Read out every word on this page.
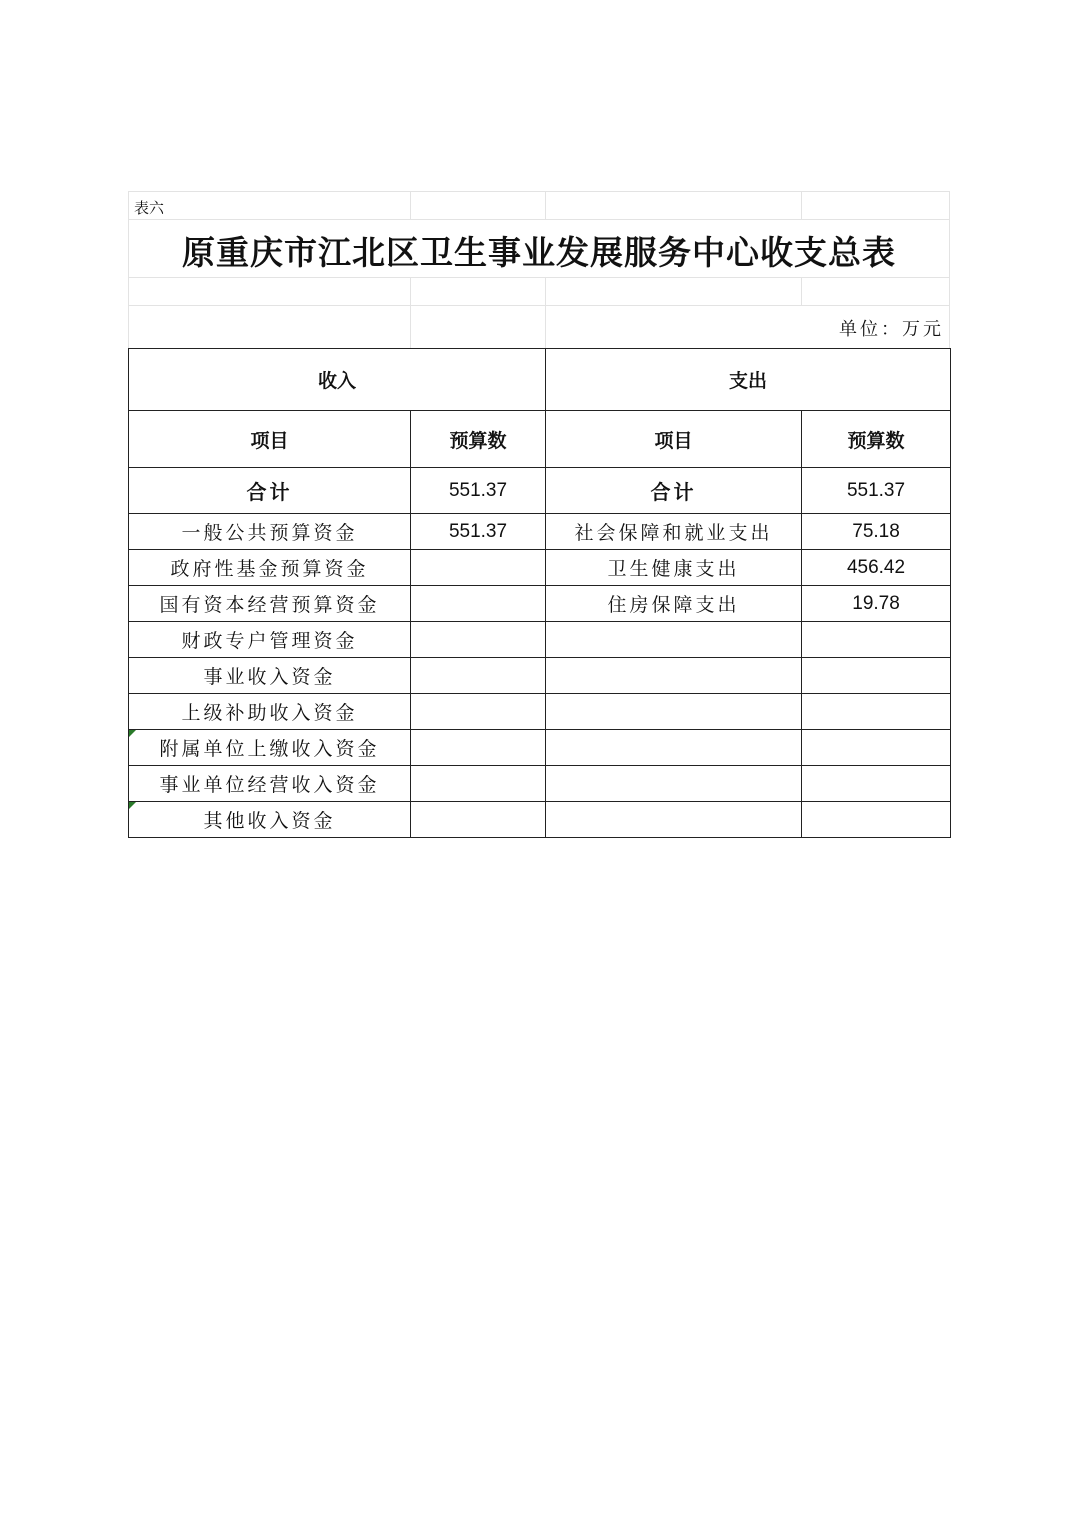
表六
原重庆市江北区卫生事业发展服务中心收支总表
单位：万元
收入		支出	
项目	预算数	项目	预算数
合计	551.37	合计	551.37
一般公共预算资金	551.37	社会保障和就业支出	75.18
政府性基金预算资金		卫生健康支出	456.42
国有资本经营预算资金		住房保障支出	19.78
财政专户管理资金			
事业收入资金			
上级补助收入资金			
附属单位上缴收入资金

事业单位经营收入资金			
其他收入资金
